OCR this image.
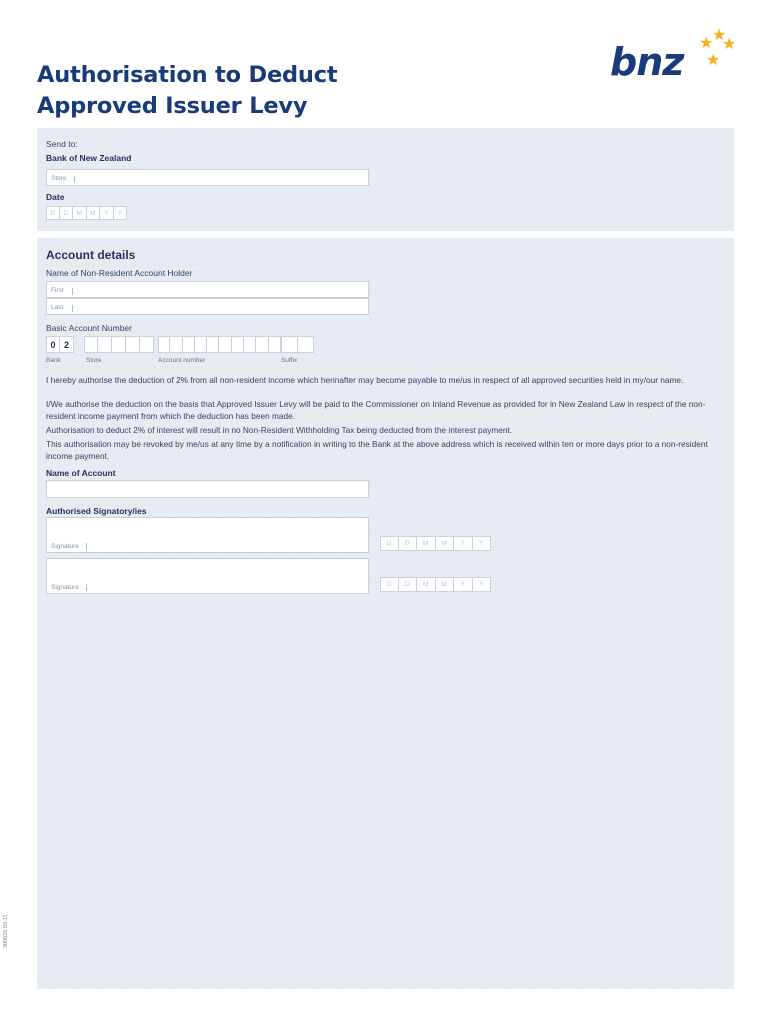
Authorisation to Deduct
Approved Issuer Levy
bnz
★
★ ★
★
Send to:
Bank of New Zealand
Store
Date
D	D	M	M	Y	Y
Account details
Name of Non-Resident Account Holder
First
Last
Basic Account Number
0 2
Bank	Store	Account number	Suffix
I hereby authorise the deduction of 2% from all non-resident income which herinafter may become payable to me/us in respect of all approved securities held in my/our name.
I/We authorise the deduction on the basis that Approved Issuer Levy will be paid to the Commissioner on Inland Revenue as provided for in New Zealand Law in respect of the non-resident income payment from which the deduction has been made.
Authorisation to deduct 2% of interest will result in no Non-Resident Withholding Tax being deducted from the interest payment.
This authorisation may be revoked by me/us at any time by a notification in writing to the Bank at the above address which is received within ten or more days prior to a non-resident income payment.
Name of Account
Authorised Signatory/ies
Signature	D	D	M	M	Y	Y
Signature	D	D	M	M	Y	Y
300625 03-11
